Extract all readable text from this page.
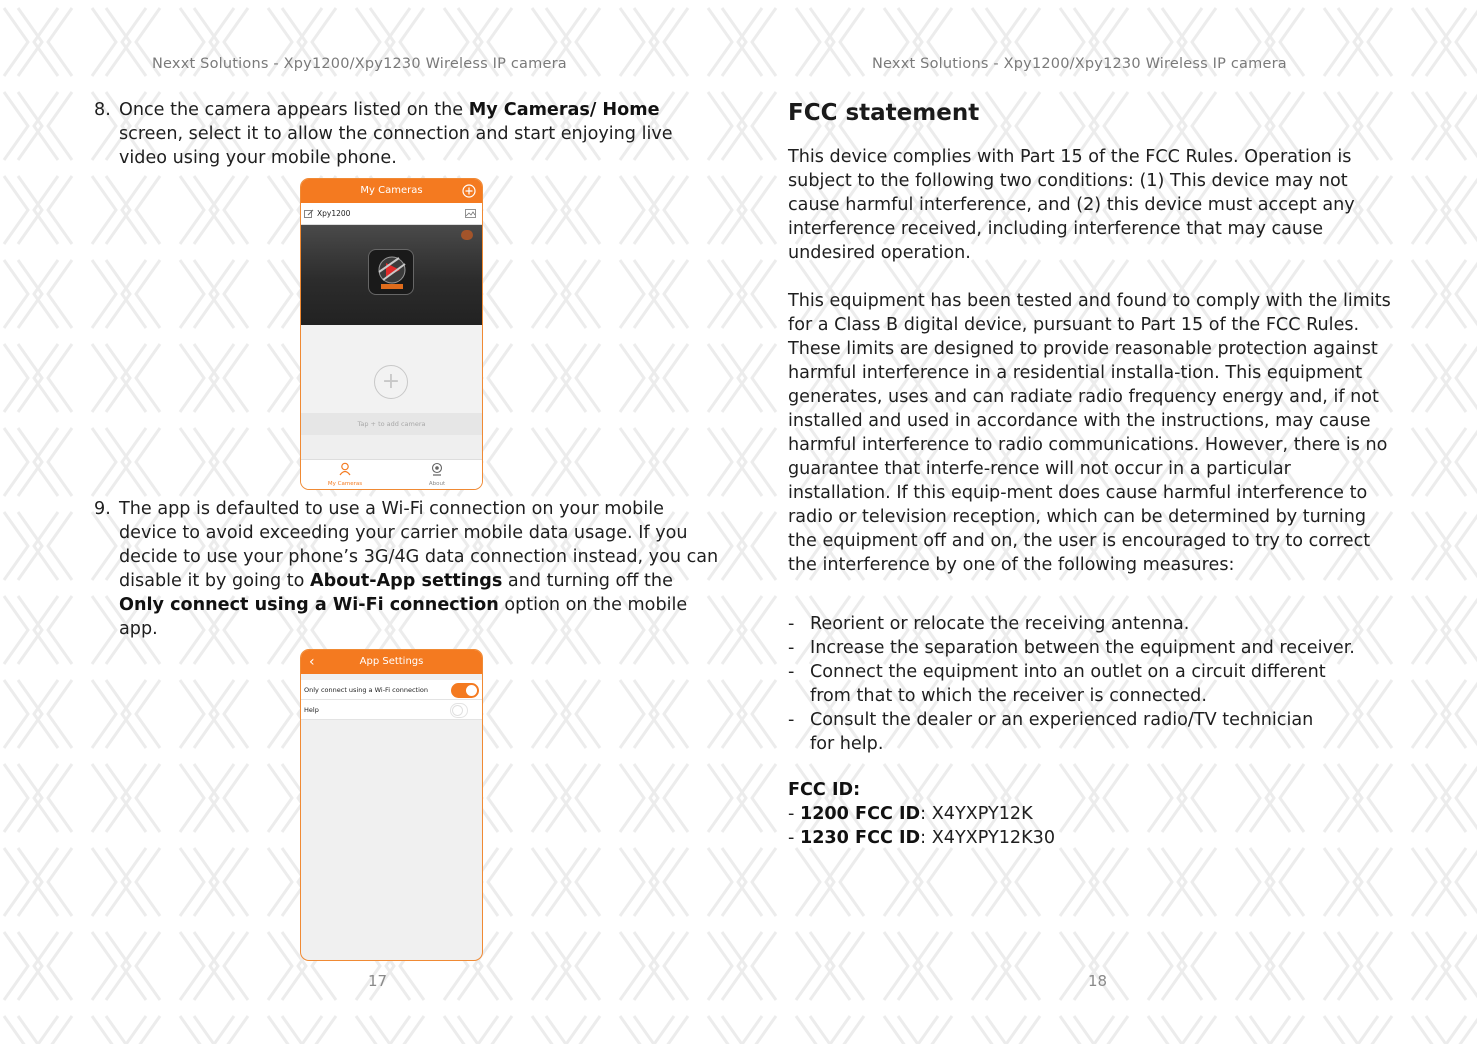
Nexxt Solutions - Xpy1200/Xpy1230 Wireless IP camera
8. Once the camera appears listed on the My Cameras/ Home screen, select it to allow the connection and start enjoying live video using your mobile phone.
My Cameras
Xpy1200
+
Tap + to add camera
My Cameras	About
9. The app is defaulted to use a Wi-Fi connection on your mobile device to avoid exceeding your carrier mobile data usage. If you decide to use your phone’s 3G/4G data connection instead, you can disable it by going to About-App settings and turning off the Only connect using a Wi-Fi connection option on the mobile app.
‹	App Settings
Only connect using a Wi-Fi connection
Help
17
Nexxt Solutions - Xpy1200/Xpy1230 Wireless IP camera
FCC statement
This device complies with Part 15 of the FCC Rules. Operation is subject to the following two conditions: (1) This device may not cause harmful interference, and (2) this device must accept any interference received, including interference that may cause undesired operation.
This equipment has been tested and found to comply with the limits for a Class B digital device, pursuant to Part 15 of the FCC Rules. These limits are designed to provide reasonable protection against harmful interference in a residential installa-tion. This equipment generates, uses and can radiate radio frequency energy and, if not installed and used in accordance with the instructions, may cause harmful interference to radio communications. However, there is no guarantee that interfe-rence will not occur in a particular installation. If this equip-ment does cause harmful interference to radio or television reception, which can be determined by turning the equipment off and on, the user is encouraged to try to correct the interference by one of the following measures:
- Reorient or relocate the receiving antenna.
- Increase the separation between the equipment and receiver.
- Connect the equipment into an outlet on a circuit different from that to which the receiver is connected.
- Consult the dealer or an experienced radio/TV technician for help.
FCC ID:
- 1200 FCC ID: X4YXPY12K
- 1230 FCC ID: X4YXPY12K30
18
